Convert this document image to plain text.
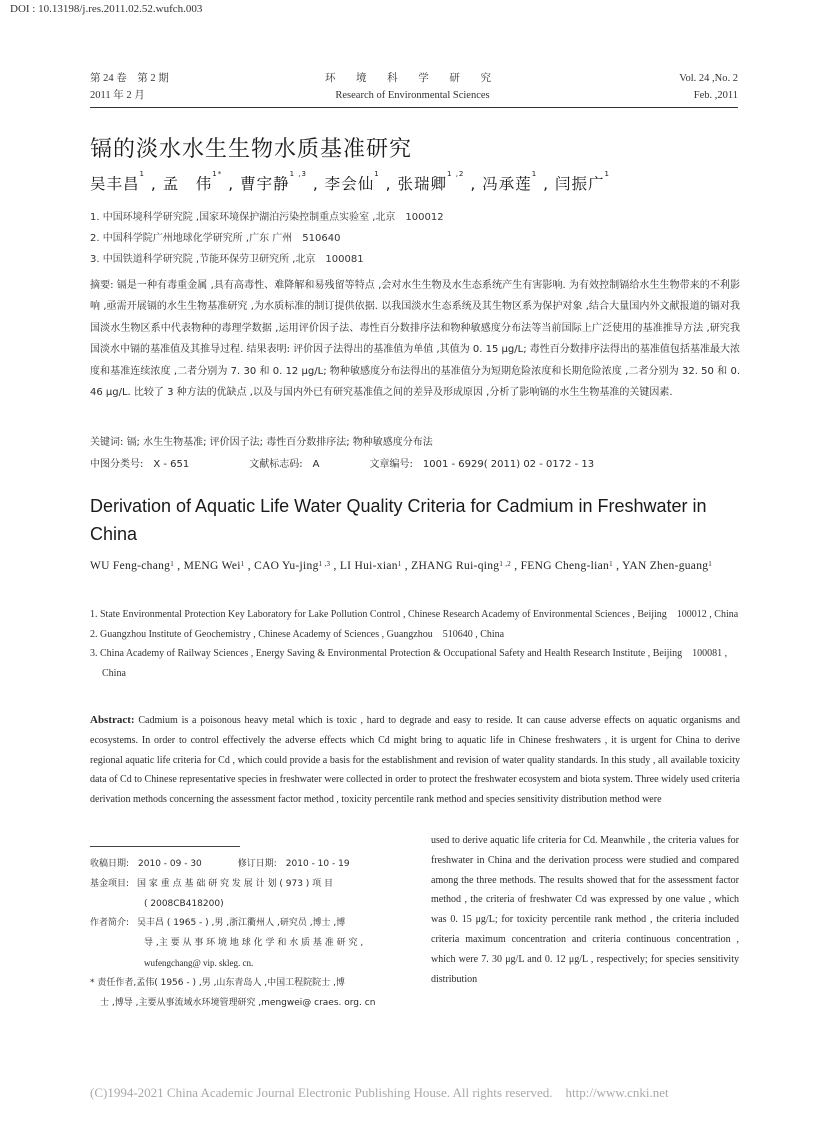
DOI : 10.13198/j.res.2011.02.52.wufch.003
第 24 卷　第 2 期
2011 年 2 月
环 境 科 学 研 究
Research of Environmental Sciences
Vol. 24 ,No. 2
Feb. ,2011
镉的淡水水生生物水质基准研究
吴丰昌$^1$ , 孟　伟$^{1*}$ , 曹宇静$^{1 ,3}$ , 李会仙$^1$ , 张瑞卿$^{1 ,2}$ , 冯承莲$^1$ , 闫振广$^1$
1. 中国环境科学研究院 ,国家环境保护湖泊污染控制重点实验室 ,北京　100012
2. 中国科学院广州地球化学研究所 ,广东 广州　510640
3. 中国铁道科学研究院 ,节能环保劳卫研究所 ,北京　100081
摘要: 镉是一种有毒重金属 ,具有高毒性、难降解和易残留等特点 ,会对水生生物及水生态系统产生有害影响. 为有效控制镉给水生生物带来的不利影响 ,亟需开展镉的水生生物基准研究 ,为水质标准的制订提供依据. 以我国淡水生态系统及其生物区系为保护对象 ,结合大量国内外文献报道的镉对我国淡水生物区系中代表物种的毒理学数据 ,运用评价因子法、毒性百分数排序法和物种敏感度分布法等当前国际上广泛使用的基准推导方法 ,研究我国淡水中镉的基准值及其推导过程. 结果表明: 评价因子法得出的基准值为单值 ,其值为 0. 15 μg/L; 毒性百分数排序法得出的基准值包括基准最大浓度和基准连续浓度 ,二者分别为 7. 30 和 0. 12 μg/L; 物种敏感度分布法得出的基准值分为短期危险浓度和长期危险浓度 ,二者分别为 32. 50 和 0. 46 μg/L. 比较了 3 种方法的优缺点 ,以及与国内外已有研究基准值之间的差异及形成原因 ,分析了影响镉的水生生物基准的关键因素.
关键词: 镉; 水生生物基准; 评价因子法; 毒性百分数排序法; 物种敏感度分布法
中图分类号:　X - 651　　　　　　文献标志码:　A　　　　　文章编号:　1001 - 6929( 2011) 02 - 0172 - 13
Derivation of Aquatic Life Water Quality Criteria for Cadmium in Freshwater in China
WU Feng-chang$^1$ , MENG Wei$^1$ , CAO Yu-jing$^{1 ,3}$ , LI Hui-xian$^1$ , ZHANG Rui-qing$^{1 ,2}$ , FENG Cheng-lian$^1$ , YAN Zhen-guang$^1$
1. State Environmental Protection Key Laboratory for Lake Pollution Control , Chinese Research Academy of Environmental Sciences , Beijing　100012 , China
2. Guangzhou Institute of Geochemistry , Chinese Academy of Sciences , Guangzhou　510640 , China
3. China Academy of Railway Sciences , Energy Saving & Environmental Protection & Occupational Safety and Health Research Institute , Beijing　100081 , China
Abstract: Cadmium is a poisonous heavy metal which is toxic , hard to degrade and easy to reside. It can cause adverse effects on aquatic organisms and ecosystems. In order to control effectively the adverse effects which Cd might bring to aquatic life in Chinese freshwaters , it is urgent for China to derive regional aquatic life criteria for Cd , which could provide a basis for the establishment and revision of water quality standards. In this study , all available toxicity data of Cd to Chinese representative species in freshwater were collected in order to protect the freshwater ecosystem and biota system. Three widely used criteria derivation methods concerning the assessment factor method , toxicity percentile rank method and species sensitivity distribution method were
收稿日期:　2010 - 09 - 30　　　　修订日期:　2010 - 10 - 19
基金项目: 国 家 重 点 基 础 研 究 发 展 计 划 ( 973 ) 项 目
( 2008CB418200)
作者简介: 吴丰昌 ( 1965 - ) ,男 ,浙江衢州人 ,研究员 ,博士 ,博
导 ,主 要 从 事 环 境 地 球 化 学 和 水 质 基 准 研 究 ,
wufengchang@ vip. skleg. cn.
* 责任作者 ,孟伟( 1956 - ) ,男 ,山东青岛人 ,中国工程院院士 ,博
士 ,博导 ,主要从事流域水环境管理研究 ,mengwei@ craes. org. cn
used to derive aquatic life criteria for Cd. Meanwhile , the criteria values for freshwater in China and the derivation process were studied and compared among the three methods. The results showed that for the assessment factor method , the criteria of freshwater Cd was expressed by one value , which was 0. 15 μg/L; for toxicity percentile rank method , the criteria included criteria maximum concentration and criteria continuous concentration , which were 7. 30 μg/L and 0. 12 μg/L , respectively; for species sensitivity distribution
(C)1994-2021 China Academic Journal Electronic Publishing House. All rights reserved.　http://www.cnki.net
